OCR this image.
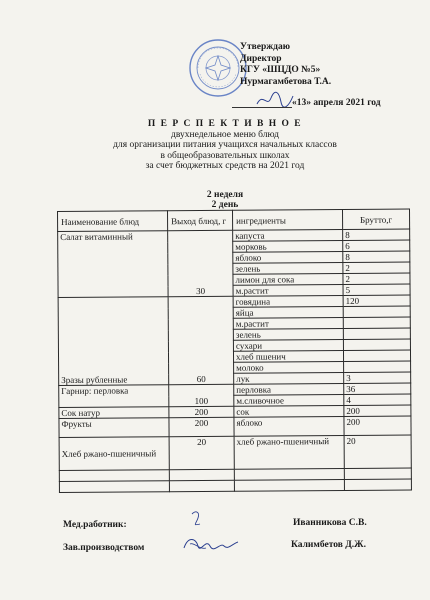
Утверждаю
Директор
КГУ «ШЦДО №5»
Нурмагамбетова Т.А.
«13» апреля 2021 год
П Е Р С П Е К Т И В Н О Е
двухнедельное меню блюд
для организации питания учащихся начальных классов
в общеобразовательных школах
за счет бюджетных средств на 2021 год
2 неделя
2 день
Наименование блюд	Выход блюд, г	ингредиенты	Брутто,г
Салат витаминный	30	капуста	8
		морковь	6
		яблоко	8
		зелень	2
		лимон для сока	2
		м.растит	5
Зразы рубленные	60	говядина	120
		яйца	
		м.растит	
		зелень	
		сухари	
		хлеб пшенич	
		молоко	
		лук	3
Гарнир: перловка	100	перловка	36
		м.сливочное	4
Сок натур	200	сок	200
Фрукты	200	яблоко	200
Хлеб ржано-пшеничный	20	хлеб ржано-пшеничный	20

Мед.работник:	Иванникова С.В.
Зав.производством	Калимбетов Д.Ж.
